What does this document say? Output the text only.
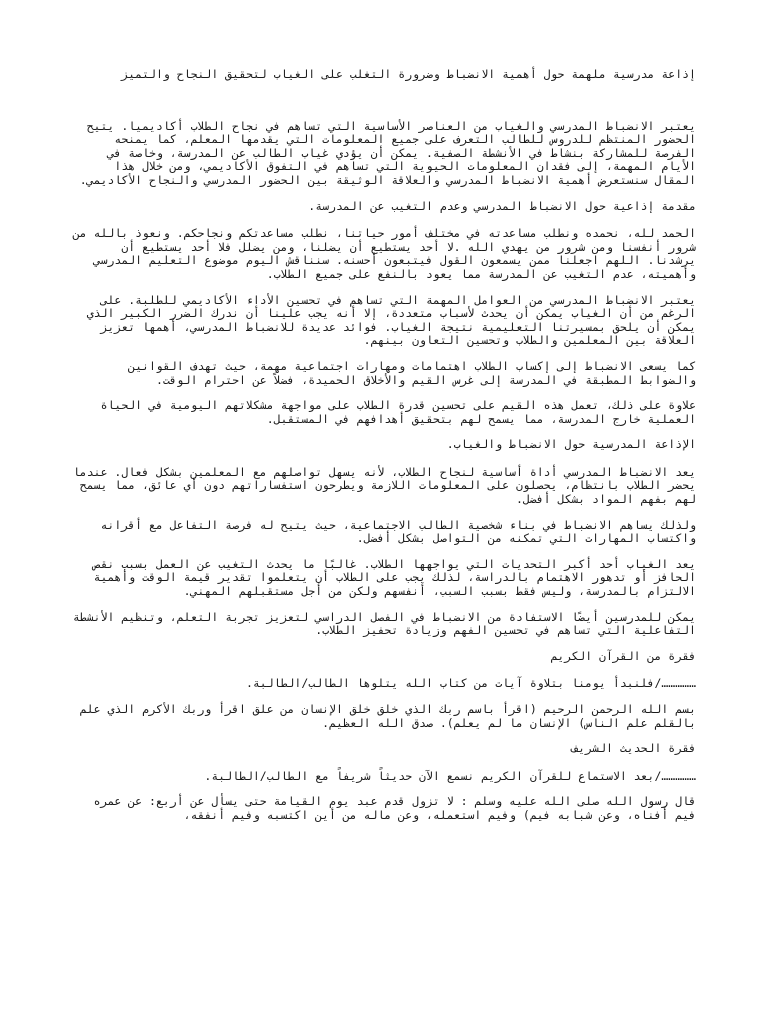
إذاعة مدرسية ملهمة حول أهمية الانضباط وضرورة التغلب على الغياب لتحقيق النجاح والتميز

يعتبر الانضباط المدرسي والغياب من العناصر الأساسية التي تساهم في نجاح الطلاب أكاديميا. يتيح الحضور المنتظم للدروس للطالب التعرف على جميع المعلومات التي يقدمها المعلم، كما يمنحه الفرصة للمشاركة بنشاط في الأنشطة الصفية. يمكن أن يؤدي غياب الطالب عن المدرسة، وخاصة في الأيام المهمة، إلى فقدان المعلومات الحيوية التي تساهم في التفوق الأكاديمي، ومن خلال هذا المقال سنستعرض أهمية الانضباط المدرسي والعلاقة الوثيقة بين الحضور المدرسي والنجاح الأكاديمي.

مقدمة إذاعية حول الانضباط المدرسي وعدم التغيب عن المدرسة.

الحمد لله، نحمده ونطلب مساعدته في مختلف أمور حياتنا، نطلب مساعدتكم ونجاحكم. ونعوذ بالله من شرور أنفسنا ومن شرور من يهدي الله .لا أحد يستطيع أن يضلنا، ومن يضلل فلا أحد يستطيع أن يرشدنا. اللهم اجعلنا ممن يسمعون القول فيتبعون أحسنه. سنناقش اليوم موضوع التعليم المدرسي وأهميته، عدم التغيب عن المدرسة مما يعود بالنفع على جميع الطلاب.

يعتبر الانضباط المدرسي من العوامل المهمة التي تساهم في تحسين الأداء الأكاديمي للطلبة. على الرغم من أن الغياب يمكن أن يحدث لأسباب متعددة، إلا أنه يجب علينا أن ندرك الضرر الكبير الذي يمكن أن يلحق بمسيرتنا التعليمية نتيجة الغياب. فوائد عديدة للانضباط المدرسي، أهمها تعزيز العلاقة بين المعلمين والطلاب وتحسين التعاون بينهم.

كما يسعى الانضباط إلى إكساب الطلاب اهتمامات ومهارات اجتماعية مهمة، حيث تهدف القوانين والضوابط المطبقة في المدرسة إلى غرس القيم والأخلاق الحميدة، فضلاً عن احترام الوقت.

علاوة على ذلك، تعمل هذه القيم على تحسين قدرة الطلاب على مواجهة مشكلاتهم اليومية في الحياة العملية خارج المدرسة، مما يسمح لهم بتحقيق أهدافهم في المستقبل.

الإذاعة المدرسية حول الانضباط والغياب.

يعد الانضباط المدرسي أداة أساسية لنجاح الطلاب، لأنه يسهل تواصلهم مع المعلمين بشكل فعال. عندما يحضر الطلاب بانتظام، يحصلون على المعلومات اللازمة ويطرحون استفساراتهم دون أي عائق، مما يسمح لهم بفهم المواد بشكل أفضل.

ولذلك يساهم الانضباط في بناء شخصية الطالب الاجتماعية، حيث يتيح له فرصة التفاعل مع أقرانه واكتساب المهارات التي تمكنه من التواصل بشكل أفضل.

يعد الغياب أحد أكبر التحديات التي يواجهها الطلاب. غالبًا ما يحدث التغيب عن العمل بسبب نقص الحافز أو تدهور الاهتمام بالدراسة، لذلك يجب على الطلاب أن يتعلموا تقدير قيمة الوقت وأهمية الالتزام بالمدرسة، وليس فقط بسبب السبب، أنفسهم ولكن من أجل مستقبلهم المهني.

يمكن للمدرسين أيضًا الاستفادة من الانضباط في الفصل الدراسي لتعزيز تجربة التعلم، وتنظيم الأنشطة التفاعلية التي تساهم في تحسين الفهم وزيادة تحفيز الطلاب.

فقرة من القرآن الكريم

……………/فلنبدأ يومنا بتلاوة آيات من كتاب الله يتلوها الطالب/الطالبة.

بسم الله الرحمن الرحيم (اقرأ باسم ربك الذي خلق خلق الإنسان من علق اقرأ وربك الأكرم الذي علم بالقلم علم الناس) الإنسان ما لم يعلم). صدق الله العظيم.

فقرة الحديث الشريف

……………/بعد الاستماع للقرآن الكريم نسمع الآن حديثاً شريفاً مع الطالب/الطالبة.

قال رسول الله صلى الله عليه وسلم : لا تزول قدم عبد يوم القيامة حتى يسأل عن أربع: عن عمره فيم أفناه، وعن شبابه فيم) وفيم استعمله، وعن ماله من أين اكتسبه وفيم أنفقه،
